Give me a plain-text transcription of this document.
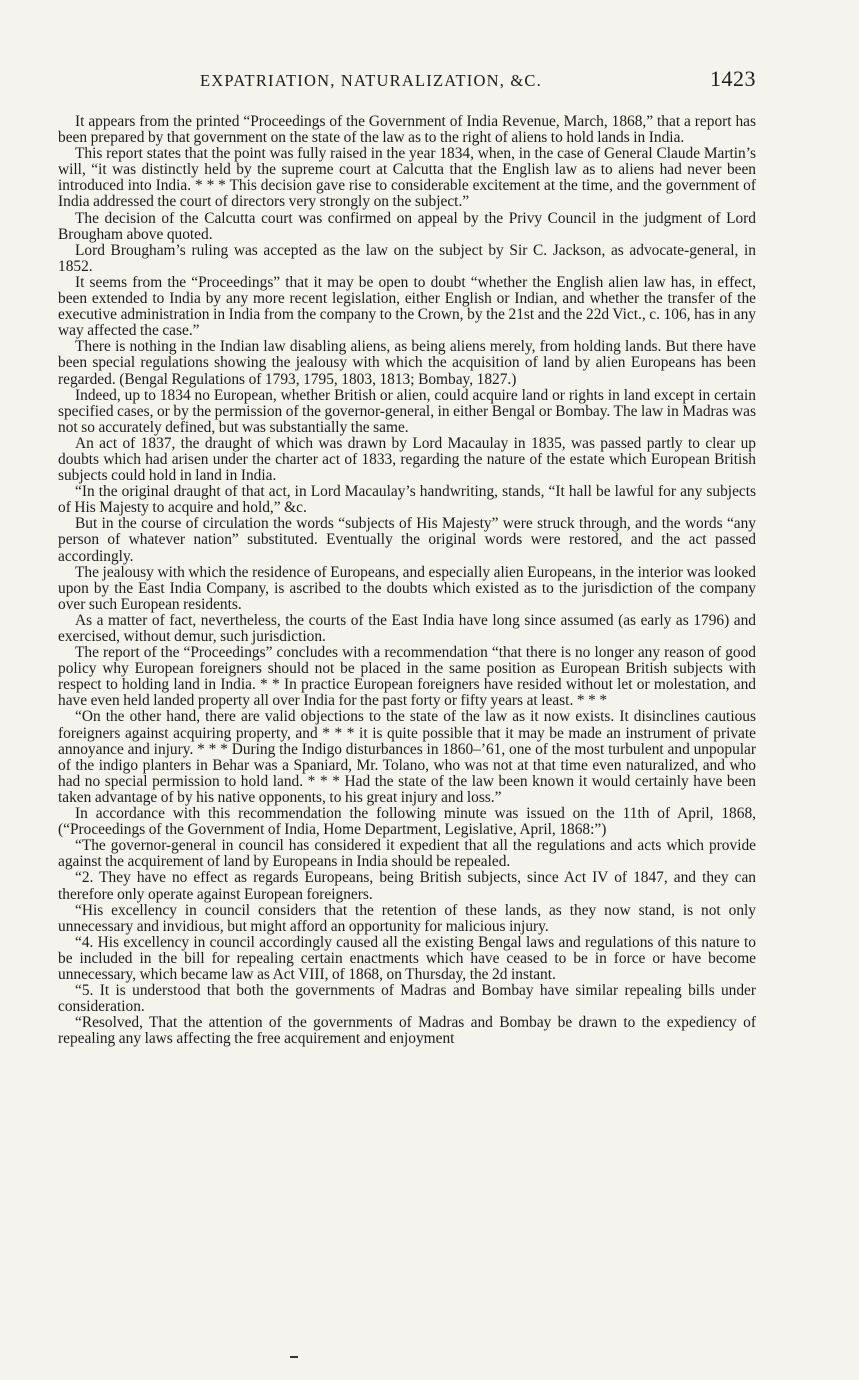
EXPATRIATION, NATURALIZATION, &C.	1423

It appears from the printed “Proceedings of the Government of India Revenue, March, 1868,” that a report has been prepared by that government on the state of the law as to the right of aliens to hold lands in India.

This report states that the point was fully raised in the year 1834, when, in the case of General Claude Martin’s will, “it was distinctly held by the supreme court at Calcutta that the English law as to aliens had never been introduced into India. * * * This decision gave rise to considerable excitement at the time, and the government of India addressed the court of directors very strongly on the subject.”

The decision of the Calcutta court was confirmed on appeal by the Privy Council in the judgment of Lord Brougham above quoted.

Lord Brougham’s ruling was accepted as the law on the subject by Sir C. Jackson, as advocate-general, in 1852.

It seems from the “Proceedings” that it may be open to doubt “whether the English alien law has, in effect, been extended to India by any more recent legislation, either English or Indian, and whether the transfer of the executive administration in India from the company to the Crown, by the 21st and the 22d Vict., c. 106, has in any way affected the case.”

There is nothing in the Indian law disabling aliens, as being aliens merely, from holding lands. But there have been special regulations showing the jealousy with which the acquisition of land by alien Europeans has been regarded. (Bengal Regulations of 1793, 1795, 1803, 1813; Bombay, 1827.)

Indeed, up to 1834 no European, whether British or alien, could acquire land or rights in land except in certain specified cases, or by the permission of the governor-general, in either Bengal or Bombay. The law in Madras was not so accurately defined, but was substantially the same.

An act of 1837, the draught of which was drawn by Lord Macaulay in 1835, was passed partly to clear up doubts which had arisen under the charter act of 1833, regarding the nature of the estate which European British subjects could hold in land in India.

“In the original draught of that act, in Lord Macaulay’s handwriting, stands, “It hall be lawful for any subjects of His Majesty to acquire and hold,” &c.

But in the course of circulation the words “subjects of His Majesty” were struck through, and the words “any person of whatever nation” substituted. Eventually the original words were restored, and the act passed accordingly.

The jealousy with which the residence of Europeans, and especially alien Europeans, in the interior was looked upon by the East India Company, is ascribed to the doubts which existed as to the jurisdiction of the company over such European residents.

As a matter of fact, nevertheless, the courts of the East India have long since assumed (as early as 1796) and exercised, without demur, such jurisdiction.

The report of the “Proceedings” concludes with a recommendation “that there is no longer any reason of good policy why European foreigners should not be placed in the same position as European British subjects with respect to holding land in India. * * In practice European foreigners have resided without let or molestation, and have even held landed property all over India for the past forty or fifty years at least. * * *

“On the other hand, there are valid objections to the state of the law as it now exists. It disinclines cautious foreigners against acquiring property, and * * * it is quite possible that it may be made an instrument of private annoyance and injury. * * * During the Indigo disturbances in 1860–’61, one of the most turbulent and unpopular of the indigo planters in Behar was a Spaniard, Mr. Tolano, who was not at that time even naturalized, and who had no special permission to hold land. * * * Had the state of the law been known it would certainly have been taken advantage of by his native opponents, to his great injury and loss.”

In accordance with this recommendation the following minute was issued on the 11th of April, 1868, (“Proceedings of the Government of India, Home Department, Legislative, April, 1868:”)

“The governor-general in council has considered it expedient that all the regulations and acts which provide against the acquirement of land by Europeans in India should be repealed.

“2. They have no effect as regards Europeans, being British subjects, since Act IV of 1847, and they can therefore only operate against European foreigners.

“His excellency in council considers that the retention of these lands, as they now stand, is not only unnecessary and invidious, but might afford an opportunity for malicious injury.

“4. His excellency in council accordingly caused all the existing Bengal laws and regulations of this nature to be included in the bill for repealing certain enactments which have ceased to be in force or have become unnecessary, which became law as Act VIII, of 1868, on Thursday, the 2d instant.

“5. It is understood that both the governments of Madras and Bombay have similar repealing bills under consideration.

“Resolved, That the attention of the governments of Madras and Bombay be drawn to the expediency of repealing any laws affecting the free acquirement and enjoyment
